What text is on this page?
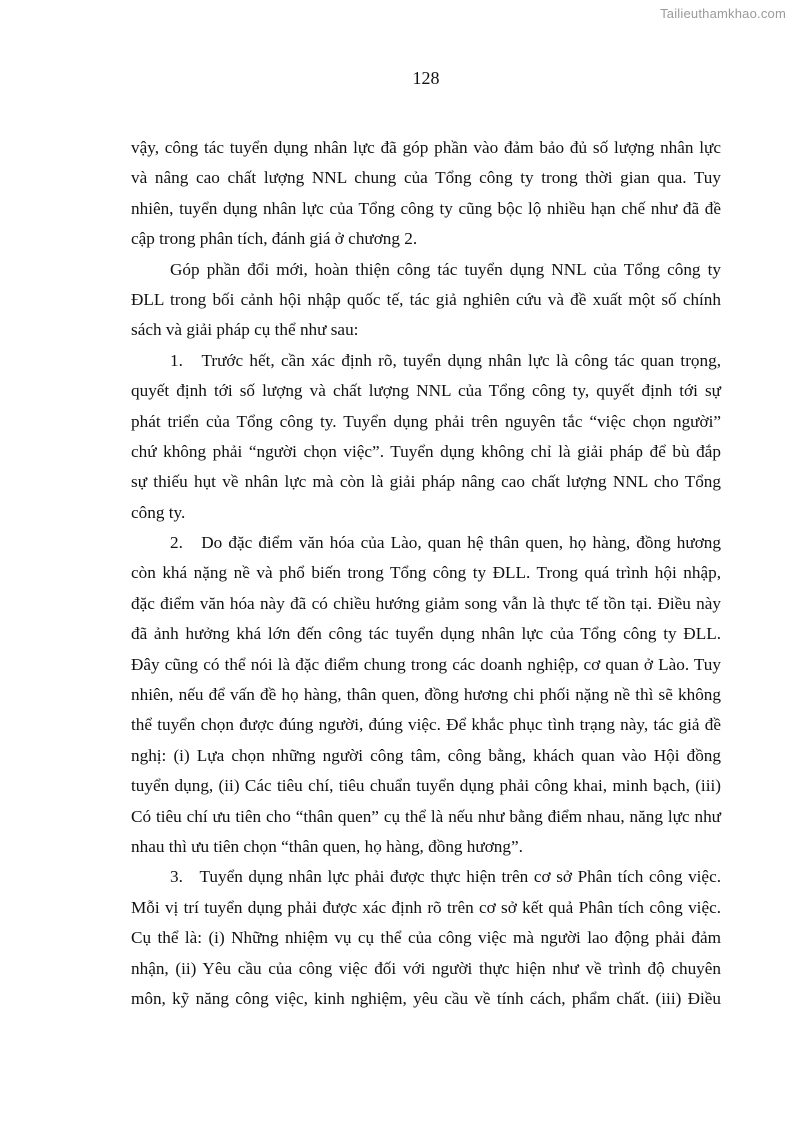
Tailieuthamkhao.com
128
vậy, công tác tuyển dụng nhân lực đã góp phần vào đảm bảo đủ số lượng nhân lực
và nâng cao chất lượng NNL chung của Tổng công ty trong thời gian qua. Tuy
nhiên, tuyển dụng nhân lực của Tổng công ty cũng bộc lộ nhiều hạn chế như đã đề
cập trong phân tích, đánh giá ở chương 2.
Góp phần đổi mới, hoàn thiện công tác tuyển dụng NNL của Tổng công ty
ĐLL trong bối cảnh hội nhập quốc tế, tác giả nghiên cứu và đề xuất một số chính
sách và giải pháp cụ thể như sau:
1.   Trước hết, cần xác định rõ, tuyển dụng nhân lực là công tác quan trọng,
quyết định tới số lượng và chất lượng NNL của Tổng công ty, quyết định tới sự
phát triển của Tổng công ty. Tuyển dụng phải trên nguyên tắc “việc chọn người”
chứ không phải “người chọn việc”. Tuyển dụng không chỉ là giải pháp để bù đắp
sự thiếu hụt về nhân lực mà còn là giải pháp nâng cao chất lượng NNL cho Tổng
công ty.
2.   Do đặc điểm văn hóa của Lào, quan hệ thân quen, họ hàng, đồng hương
còn khá nặng nề và phổ biến trong Tổng công ty ĐLL. Trong quá trình hội nhập,
đặc điểm văn hóa này đã có chiều hướng giảm song vẫn là thực tế tồn tại. Điều này
đã ảnh hưởng khá lớn đến công tác tuyển dụng nhân lực của Tổng công ty ĐLL.
Đây cũng có thể nói là đặc điểm chung trong các doanh nghiệp, cơ quan ở Lào. Tuy
nhiên, nếu để vấn đề họ hàng, thân quen, đồng hương chi phối nặng nề thì sẽ không
thể tuyển chọn được đúng người, đúng việc. Để khắc phục tình trạng này, tác giả đề
nghị: (i) Lựa chọn những người công tâm, công bằng, khách quan vào Hội đồng
tuyển dụng, (ii) Các tiêu chí, tiêu chuẩn tuyển dụng phải công khai, minh bạch, (iii)
Có tiêu chí ưu tiên cho “thân quen” cụ thể là nếu như bằng điểm nhau, năng lực như
nhau thì ưu tiên chọn “thân quen, họ hàng, đồng hương”.
3.   Tuyển dụng nhân lực phải được thực hiện trên cơ sở Phân tích công việc.
Mỗi vị trí tuyển dụng phải được xác định rõ trên cơ sở kết quả Phân tích công việc.
Cụ thể là: (i) Những nhiệm vụ cụ thể của công việc mà người lao động phải đảm
nhận, (ii) Yêu cầu của công việc đối với người thực hiện như về trình độ chuyên
môn, kỹ năng công việc, kinh nghiệm, yêu cầu về tính cách, phẩm chất. (iii) Điều
